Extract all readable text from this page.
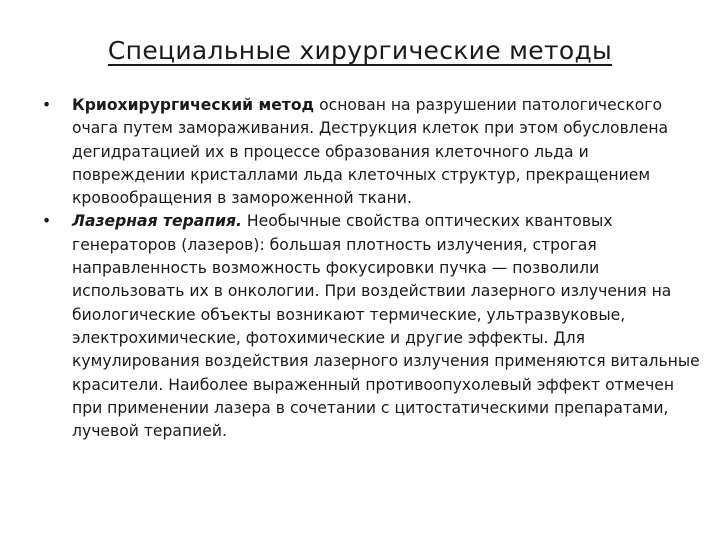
Специальные хирургические методы
• Криохирургический метод основан на разрушении патологического очага путем замораживания. Деструкция клеток при этом обусловлена дегидратацией их в процессе образования клеточного льда и повреждении кристаллами льда клеточных структур, прекращением кровообращения в замороженной ткани.
• Лазерная терапия. Необычные свойства оптических квантовых генераторов (лазеров): большая плотность излучения, строгая направленность возможность фокусировки пучка — позволили использовать их в онкологии. При воздействии лазерного излучения на биологические объекты возникают термические, ультразвуковые, электрохимические, фотохимические и другие эффекты. Для кумулирования воздействия лазерного излучения применяются витальные красители. Наиболее выраженный противоопухолевый эффект отмечен при применении лазера в сочетании с цитостатическими препаратами, лучевой терапией.
